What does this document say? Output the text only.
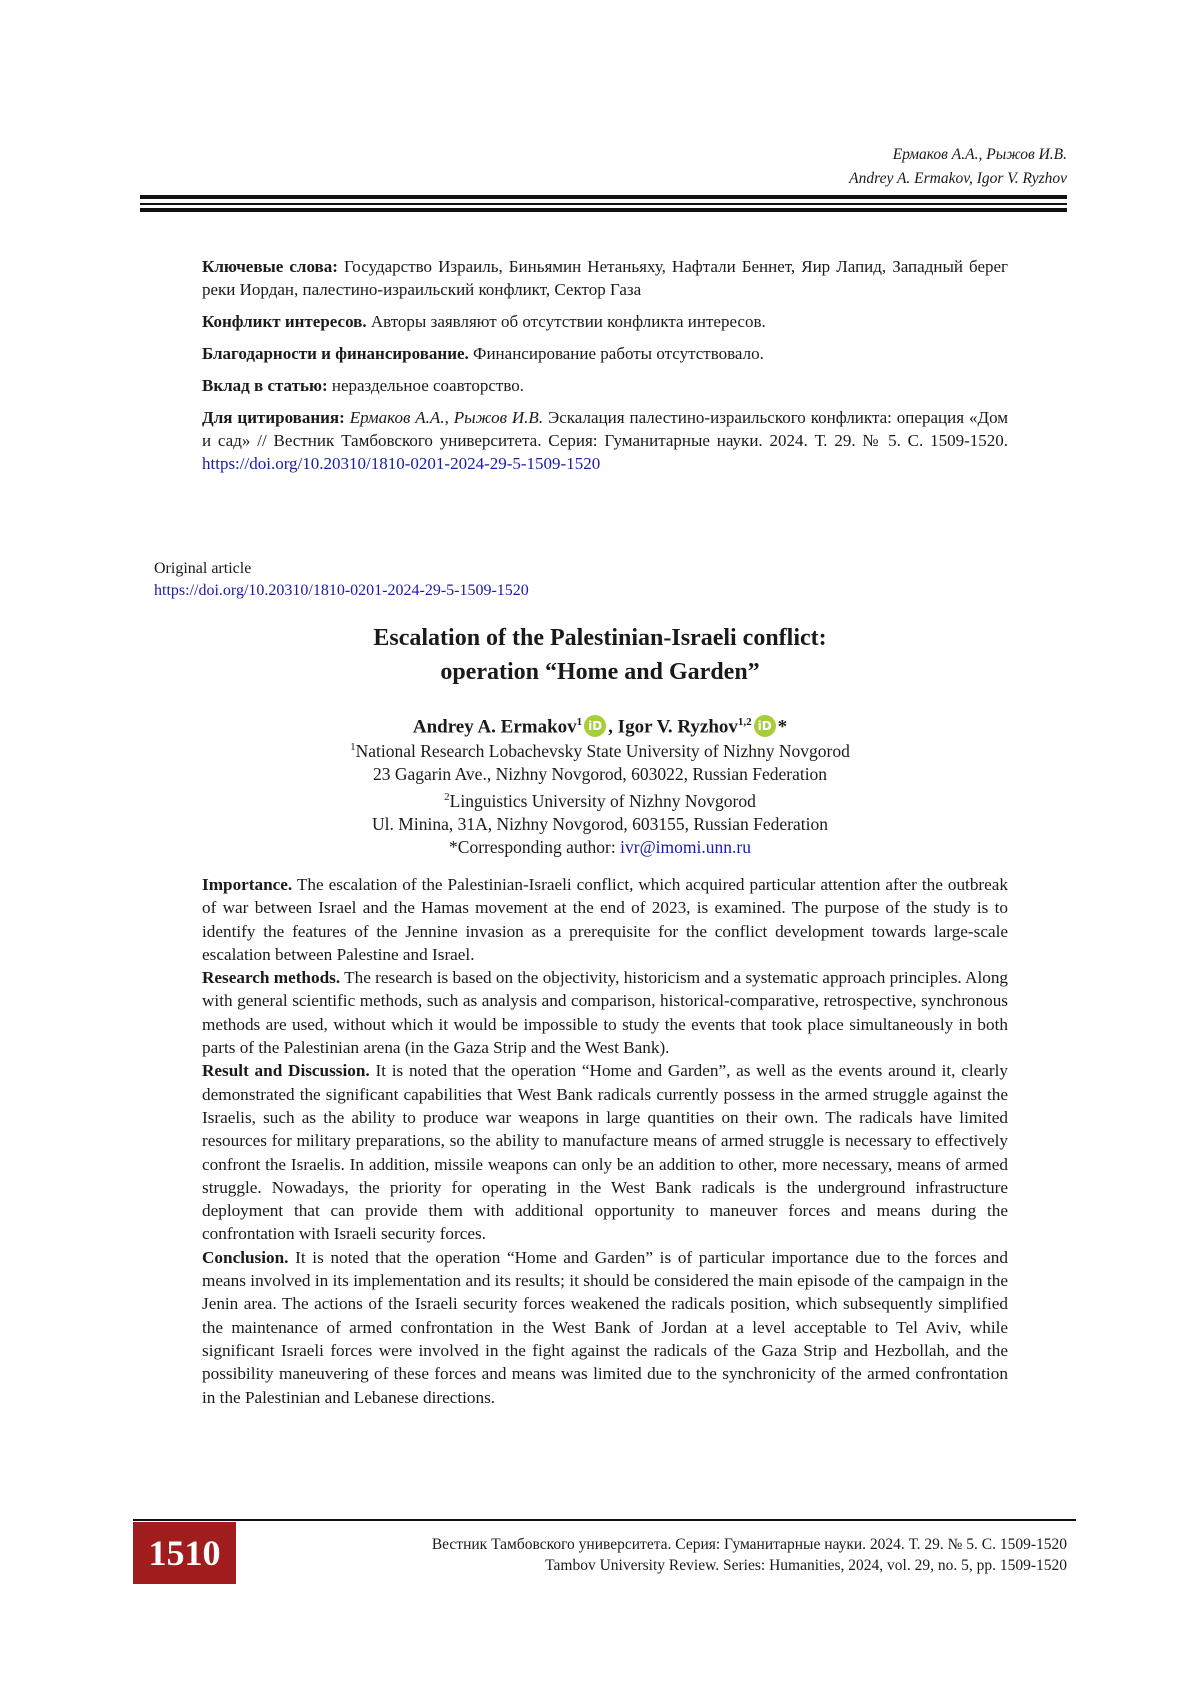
Ермаков А.А., Рыжов И.В.
Andrey A. Ermakov, Igor V. Ryzhov

Ключевые слова: Государство Израиль, Биньямин Нетаньяху, Нафтали Беннет, Яир Лапид, Западный берег реки Иордан, палестино-израильский конфликт, Сектор Газа

Конфликт интересов. Авторы заявляют об отсутствии конфликта интересов.

Благодарности и финансирование. Финансирование работы отсутствовало.

Вклад в статью: нераздельное соавторство.

Для цитирования: Ермаков А.А., Рыжов И.В. Эскалация палестино-израильского конфликта: операция «Дом и сад» // Вестник Тамбовского университета. Серия: Гуманитарные науки. 2024. Т. 29. № 5. С. 1509-1520. https://doi.org/10.20310/1810-0201-2024-29-5-1509-1520

Original article
https://doi.org/10.20310/1810-0201-2024-29-5-1509-1520
Escalation of the Palestinian-Israeli conflict:
operation “Home and Garden”
Andrey A. Ermakov$^1$ iD , Igor V. Ryzhov$^{1,2}$ iD *
$^1$National Research Lobachevsky State University of Nizhny Novgorod
23 Gagarin Ave., Nizhny Novgorod, 603022, Russian Federation
$^2$Linguistics University of Nizhny Novgorod
Ul. Minina, 31A, Nizhny Novgorod, 603155, Russian Federation
*Corresponding author: ivr@imomi.unn.ru

Importance. The escalation of the Palestinian-Israeli conflict, which acquired particular attention after the outbreak of war between Israel and the Hamas movement at the end of 2023, is examined. The purpose of the study is to identify the features of the Jennine invasion as a prerequisite for the conflict development towards large-scale escalation between Palestine and Israel.

Research methods. The research is based on the objectivity, historicism and a systematic approach principles. Along with general scientific methods, such as analysis and comparison, historical-comparative, retrospective, synchronous methods are used, without which it would be impossible to study the events that took place simultaneously in both parts of the Palestinian arena (in the Gaza Strip and the West Bank).

Result and Discussion. It is noted that the operation “Home and Garden”, as well as the events around it, clearly demonstrated the significant capabilities that West Bank radicals currently possess in the armed struggle against the Israelis, such as the ability to produce war weapons in large quantities on their own. The radicals have limited resources for military preparations, so the ability to manufacture means of armed struggle is necessary to effectively confront the Israelis. In addition, missile weapons can only be an addition to other, more necessary, means of armed struggle. Nowadays, the priority for operating in the West Bank radicals is the underground infrastructure deployment that can provide them with additional opportunity to maneuver forces and means during the confrontation with Israeli security forces.

Conclusion. It is noted that the operation “Home and Garden” is of particular importance due to the forces and means involved in its implementation and its results; it should be considered the main episode of the campaign in the Jenin area. The actions of the Israeli security forces weakened the radicals position, which subsequently simplified the maintenance of armed confrontation in the West Bank of Jordan at a level acceptable to Tel Aviv, while significant Israeli forces were involved in the fight against the radicals of the Gaza Strip and Hezbollah, and the possibility maneuvering of these forces and means was limited due to the synchronicity of the armed confrontation in the Palestinian and Lebanese directions.

1510	Вестник Тамбовского университета. Серия: Гуманитарные науки. 2024. Т. 29. № 5. С. 1509-1520
Tambov University Review. Series: Humanities, 2024, vol. 29, no. 5, pp. 1509-1520
